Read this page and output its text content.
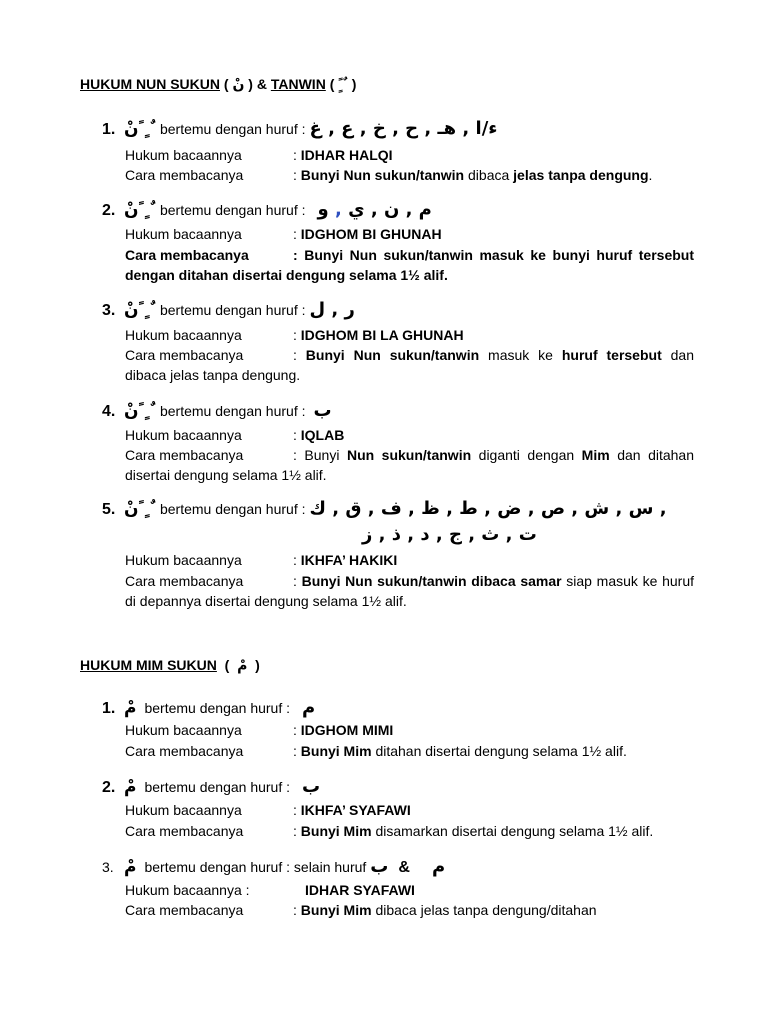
HUKUM NUN SUKUN ( نْ ) & TANWIN ( ً ٍ ٌ )
1. نْ ً ٍ ٌ bertemu dengan huruf : ء/ا , هـ , ح , خ , ع , غ
Hukum bacaannya	: IDHAR HALQI
Cara membacanya	: Bunyi Nun sukun/tanwin dibaca jelas tanpa dengung.
2. نْ ً ٍ ٌ bertemu dengan huruf : م , ن , ي , و
Hukum bacaannya	: IDGHOM BI GHUNAH
Cara membacanya	: Bunyi Nun sukun/tanwin masuk ke bunyi huruf tersebut dengan ditahan disertai dengung selama 1½ alif.
3. نْ ً ٍ ٌ bertemu dengan huruf : ر , ل
Hukum bacaannya	: IDGHOM BI LA GHUNAH
Cara membacanya	: Bunyi Nun sukun/tanwin masuk ke huruf tersebut dan dibaca jelas tanpa dengung.
4. نْ ً ٍ ٌ bertemu dengan huruf : ب
Hukum bacaannya	: IQLAB
Cara membacanya	: Bunyi Nun sukun/tanwin diganti dengan Mim dan ditahan disertai dengung selama 1½ alif.
5. نْ ً ٍ ٌ bertemu dengan huruf : س , ش , ص , ض , ط , ظ , ف , ق , ك ,
ت , ث , ج , د , ذ , ز
Hukum bacaannya	: IKHFA’ HAKIKI
Cara membacanya	: Bunyi Nun sukun/tanwin dibaca samar siap masuk ke huruf di depannya disertai dengung selama 1½ alif.
HUKUM MIM SUKUN  (  مْ  )
1. مْ bertemu dengan huruf : م
Hukum bacaannya	: IDGHOM MIMI
Cara membacanya	: Bunyi Mim ditahan disertai dengung selama 1½ alif.
2. مْ bertemu dengan huruf : ب
Hukum bacaannya	: IKHFA’ SYAFAWI
Cara membacanya	: Bunyi Mim disamarkan disertai dengung selama 1½ alif.
3. مْ bertemu dengan huruf : selain huruf	م&ب
Hukum bacaannya :	IDHAR SYAFAWI
Cara membacanya	: Bunyi Mim dibaca jelas tanpa dengung/ditahan
